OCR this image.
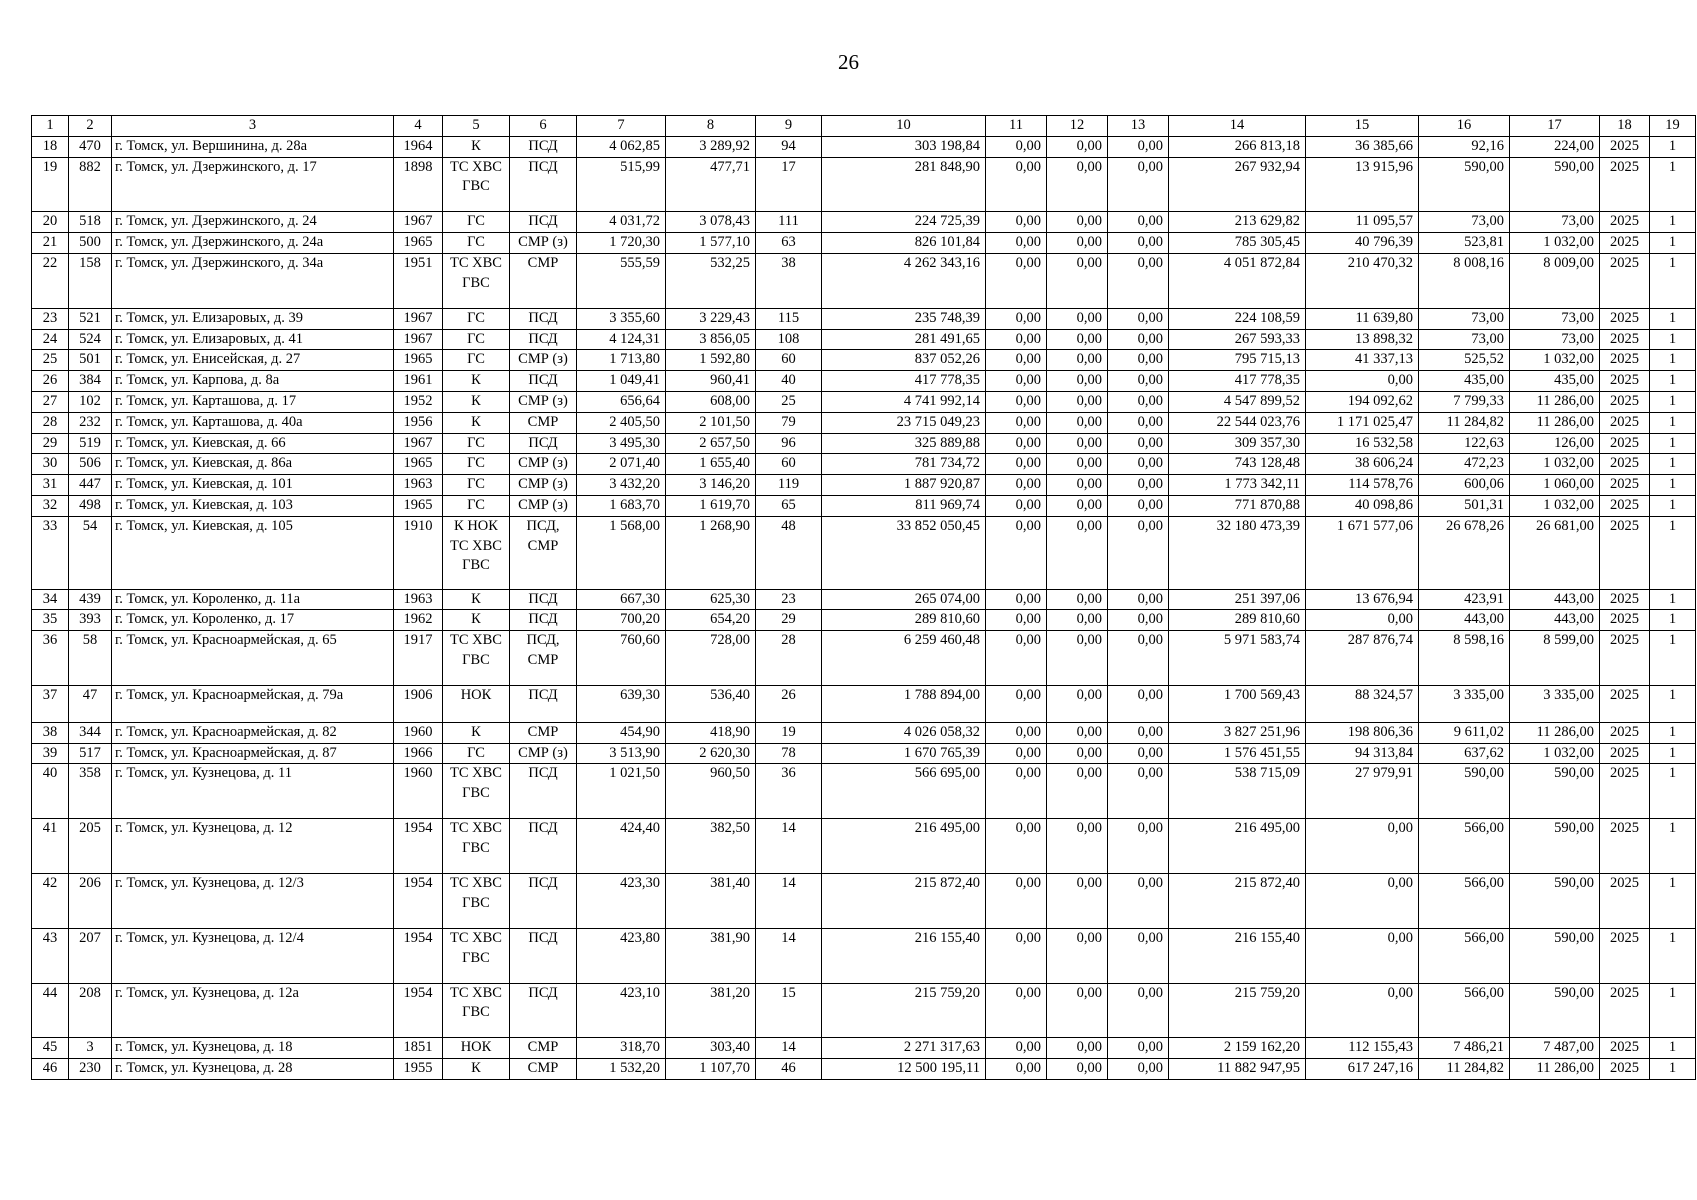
26
1	2	3	4	5	6	7	8	9	10	11	12	13	14	15	16	17	18	19
18	470	г. Томск, ул. Вершинина, д. 28а	1964	К	ПСД	4 062,85	3 289,92	94	303 198,84	0,00	0,00	0,00	266 813,18	36 385,66	92,16	224,00	2025	1
19	882	г. Томск, ул. Дзержинского, д. 17	1898	ТС ХВС ГВС	ПСД	515,99	477,71	17	281 848,90	0,00	0,00	0,00	267 932,94	13 915,96	590,00	590,00	2025	1
20	518	г. Томск, ул. Дзержинского, д. 24	1967	ГС	ПСД	4 031,72	3 078,43	111	224 725,39	0,00	0,00	0,00	213 629,82	11 095,57	73,00	73,00	2025	1
21	500	г. Томск, ул. Дзержинского, д. 24а	1965	ГС	СМР (з)	1 720,30	1 577,10	63	826 101,84	0,00	0,00	0,00	785 305,45	40 796,39	523,81	1 032,00	2025	1
22	158	г. Томск, ул. Дзержинского, д. 34а	1951	ТС ХВС ГВС	СМР	555,59	532,25	38	4 262 343,16	0,00	0,00	0,00	4 051 872,84	210 470,32	8 008,16	8 009,00	2025	1
23	521	г. Томск, ул. Елизаровых, д. 39	1967	ГС	ПСД	3 355,60	3 229,43	115	235 748,39	0,00	0,00	0,00	224 108,59	11 639,80	73,00	73,00	2025	1
24	524	г. Томск, ул. Елизаровых, д. 41	1967	ГС	ПСД	4 124,31	3 856,05	108	281 491,65	0,00	0,00	0,00	267 593,33	13 898,32	73,00	73,00	2025	1
25	501	г. Томск, ул. Енисейская, д. 27	1965	ГС	СМР (з)	1 713,80	1 592,80	60	837 052,26	0,00	0,00	0,00	795 715,13	41 337,13	525,52	1 032,00	2025	1
26	384	г. Томск, ул. Карпова, д. 8а	1961	К	ПСД	1 049,41	960,41	40	417 778,35	0,00	0,00	0,00	417 778,35	0,00	435,00	435,00	2025	1
27	102	г. Томск, ул. Карташова, д. 17	1952	К	СМР (з)	656,64	608,00	25	4 741 992,14	0,00	0,00	0,00	4 547 899,52	194 092,62	7 799,33	11 286,00	2025	1
28	232	г. Томск, ул. Карташова, д. 40а	1956	К	СМР	2 405,50	2 101,50	79	23 715 049,23	0,00	0,00	0,00	22 544 023,76	1 171 025,47	11 284,82	11 286,00	2025	1
29	519	г. Томск, ул. Киевская, д. 66	1967	ГС	ПСД	3 495,30	2 657,50	96	325 889,88	0,00	0,00	0,00	309 357,30	16 532,58	122,63	126,00	2025	1
30	506	г. Томск, ул. Киевская, д. 86а	1965	ГС	СМР (з)	2 071,40	1 655,40	60	781 734,72	0,00	0,00	0,00	743 128,48	38 606,24	472,23	1 032,00	2025	1
31	447	г. Томск, ул. Киевская, д. 101	1963	ГС	СМР (з)	3 432,20	3 146,20	119	1 887 920,87	0,00	0,00	0,00	1 773 342,11	114 578,76	600,06	1 060,00	2025	1
32	498	г. Томск, ул. Киевская, д. 103	1965	ГС	СМР (з)	1 683,70	1 619,70	65	811 969,74	0,00	0,00	0,00	771 870,88	40 098,86	501,31	1 032,00	2025	1
33	54	г. Томск, ул. Киевская, д. 105	1910	К НОК ТС ХВС ГВС	ПСД, СМР	1 568,00	1 268,90	48	33 852 050,45	0,00	0,00	0,00	32 180 473,39	1 671 577,06	26 678,26	26 681,00	2025	1
34	439	г. Томск, ул. Короленко, д. 11а	1963	К	ПСД	667,30	625,30	23	265 074,00	0,00	0,00	0,00	251 397,06	13 676,94	423,91	443,00	2025	1
35	393	г. Томск, ул. Короленко, д. 17	1962	К	ПСД	700,20	654,20	29	289 810,60	0,00	0,00	0,00	289 810,60	0,00	443,00	443,00	2025	1
36	58	г. Томск, ул. Красноармейская, д. 65	1917	ТС ХВС ГВС	ПСД, СМР	760,60	728,00	28	6 259 460,48	0,00	0,00	0,00	5 971 583,74	287 876,74	8 598,16	8 599,00	2025	1
37	47	г. Томск, ул. Красноармейская, д. 79а	1906	НОК	ПСД	639,30	536,40	26	1 788 894,00	0,00	0,00	0,00	1 700 569,43	88 324,57	3 335,00	3 335,00	2025	1
38	344	г. Томск, ул. Красноармейская, д. 82	1960	К	СМР	454,90	418,90	19	4 026 058,32	0,00	0,00	0,00	3 827 251,96	198 806,36	9 611,02	11 286,00	2025	1
39	517	г. Томск, ул. Красноармейская, д. 87	1966	ГС	СМР (з)	3 513,90	2 620,30	78	1 670 765,39	0,00	0,00	0,00	1 576 451,55	94 313,84	637,62	1 032,00	2025	1
40	358	г. Томск, ул. Кузнецова, д. 11	1960	ТС ХВС ГВС	ПСД	1 021,50	960,50	36	566 695,00	0,00	0,00	0,00	538 715,09	27 979,91	590,00	590,00	2025	1
41	205	г. Томск, ул. Кузнецова, д. 12	1954	ТС ХВС ГВС	ПСД	424,40	382,50	14	216 495,00	0,00	0,00	0,00	216 495,00	0,00	566,00	590,00	2025	1
42	206	г. Томск, ул. Кузнецова, д. 12/3	1954	ТС ХВС ГВС	ПСД	423,30	381,40	14	215 872,40	0,00	0,00	0,00	215 872,40	0,00	566,00	590,00	2025	1
43	207	г. Томск, ул. Кузнецова, д. 12/4	1954	ТС ХВС ГВС	ПСД	423,80	381,90	14	216 155,40	0,00	0,00	0,00	216 155,40	0,00	566,00	590,00	2025	1
44	208	г. Томск, ул. Кузнецова, д. 12а	1954	ТС ХВС ГВС	ПСД	423,10	381,20	15	215 759,20	0,00	0,00	0,00	215 759,20	0,00	566,00	590,00	2025	1
45	3	г. Томск, ул. Кузнецова, д. 18	1851	НОК	СМР	318,70	303,40	14	2 271 317,63	0,00	0,00	0,00	2 159 162,20	112 155,43	7 486,21	7 487,00	2025	1
46	230	г. Томск, ул. Кузнецова, д. 28	1955	К	СМР	1 532,20	1 107,70	46	12 500 195,11	0,00	0,00	0,00	11 882 947,95	617 247,16	11 284,82	11 286,00	2025	1
